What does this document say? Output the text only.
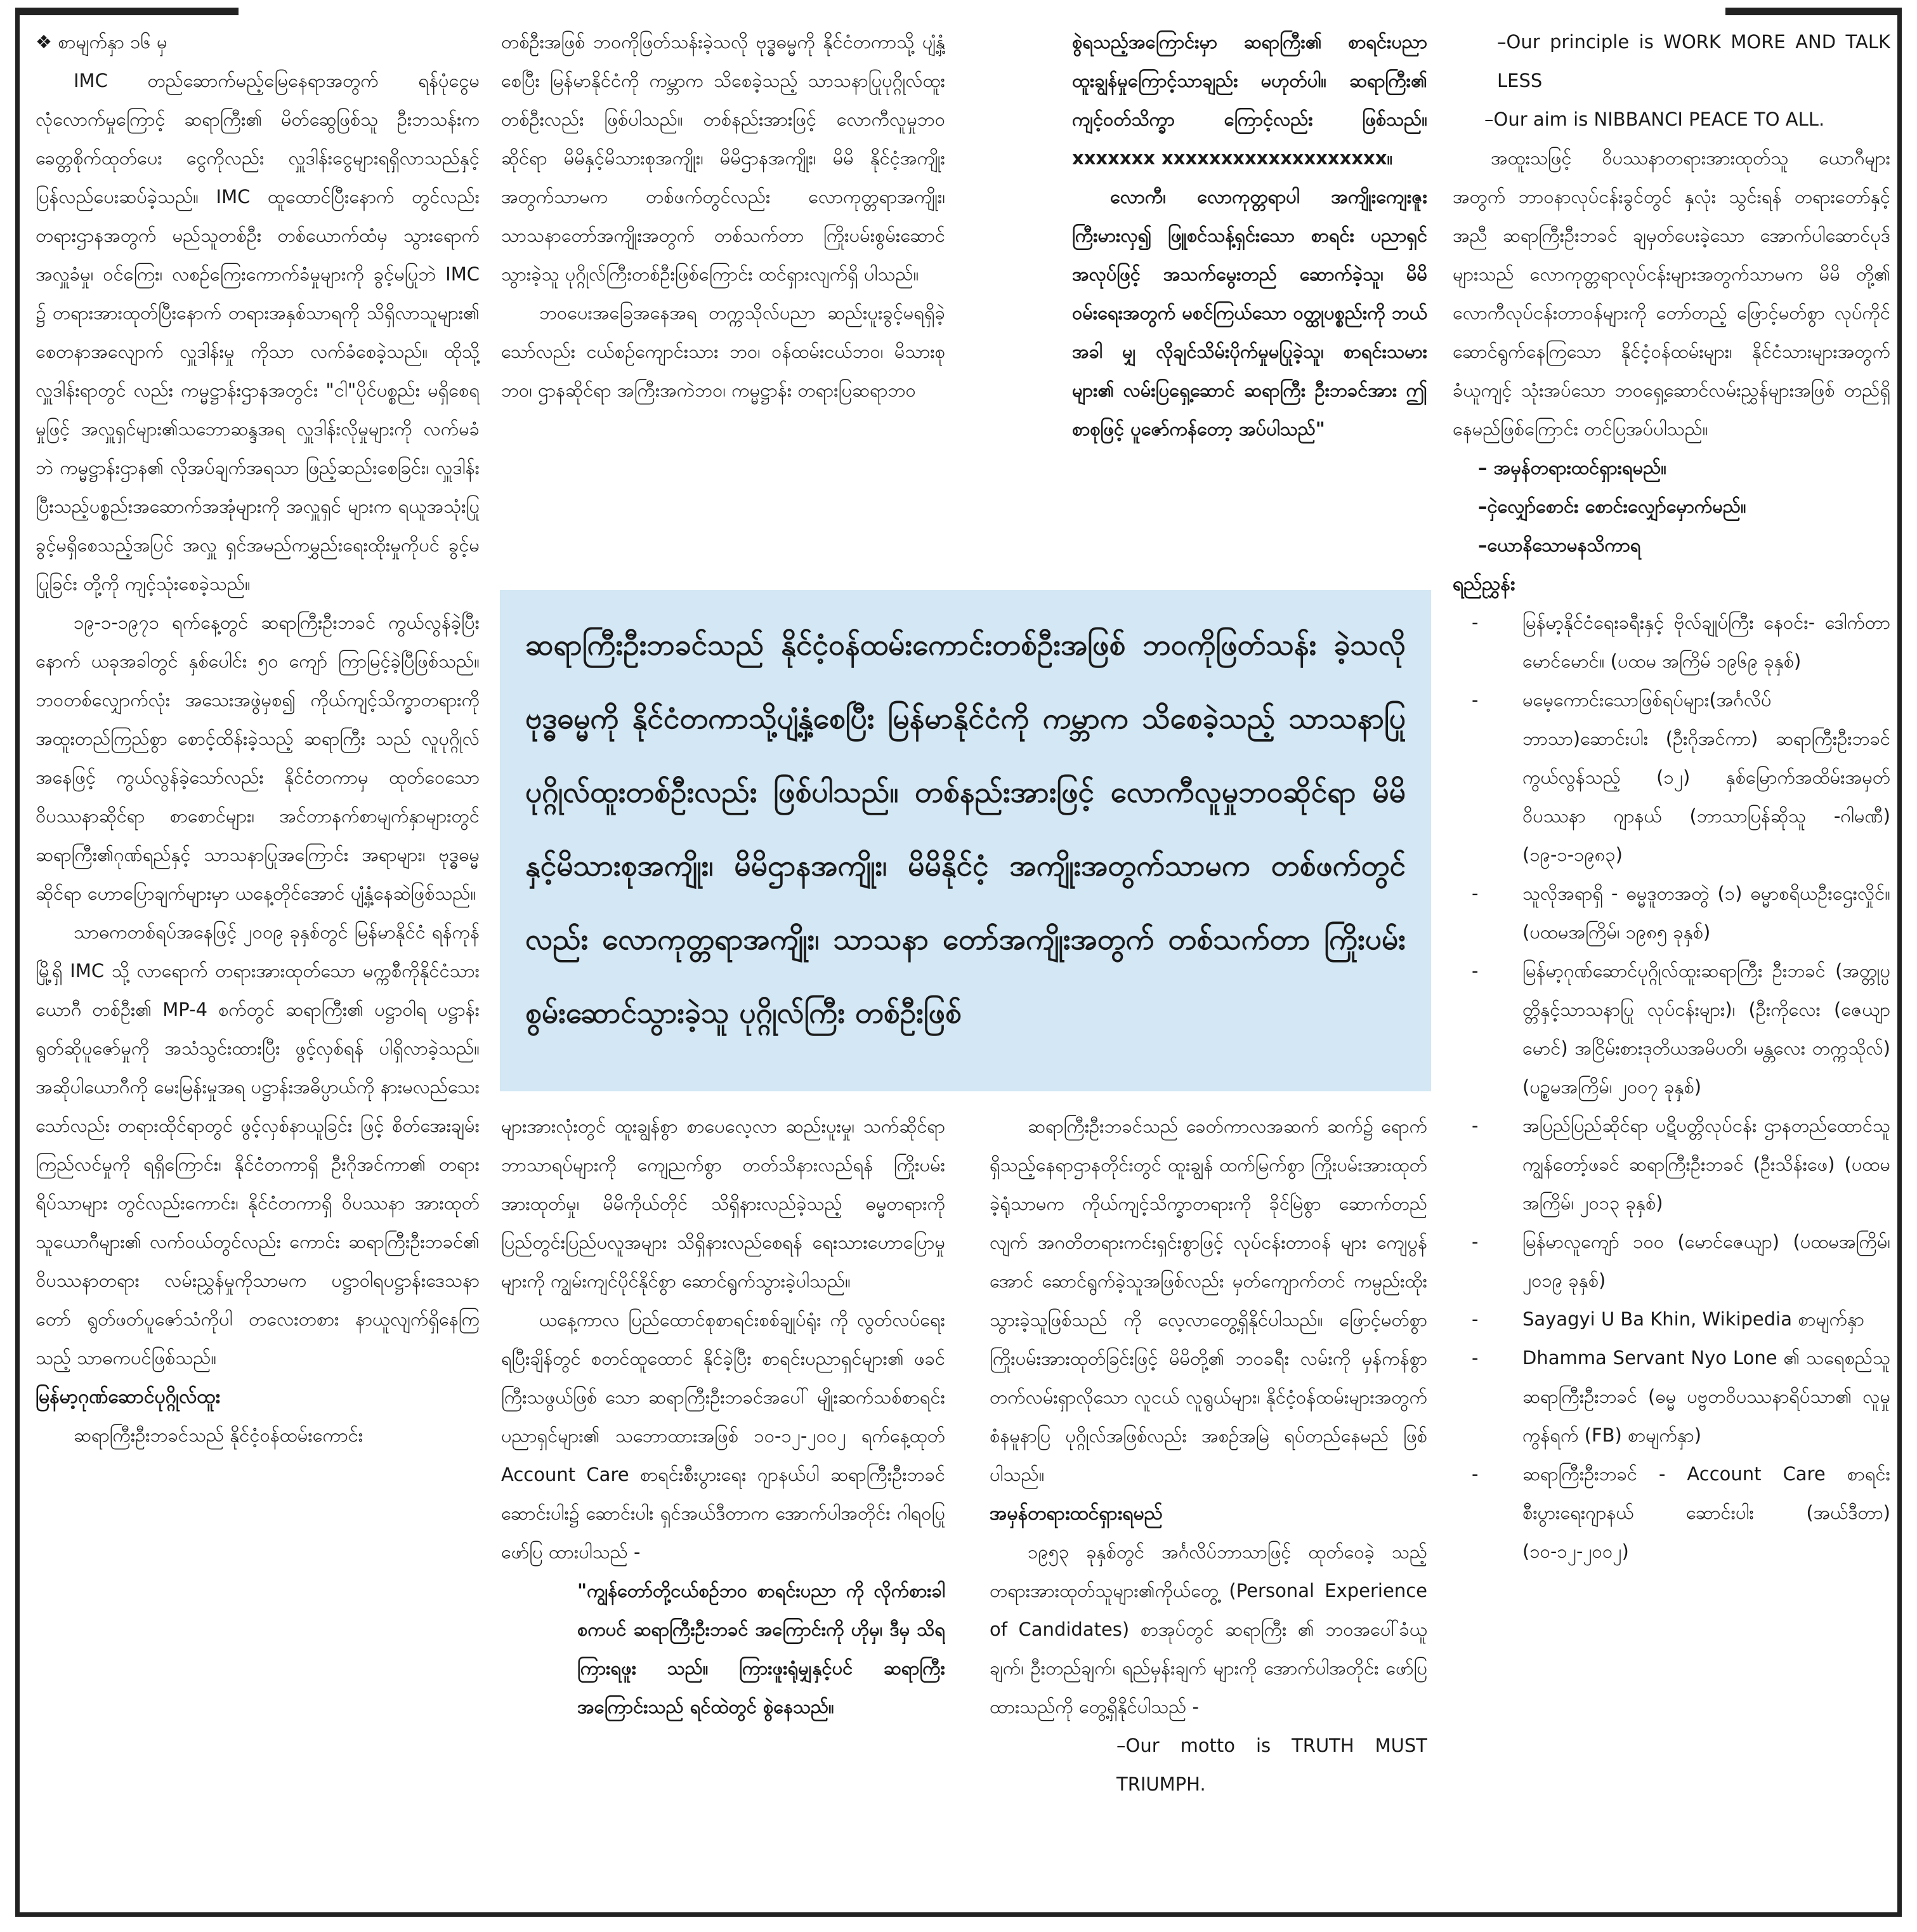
❖ စာမျက်နှာ ၁၆ မှ

IMC တည်ဆောက်မည့်မြေနေရာအတွက် ရန်ပုံငွေမလုံလောက်မှုကြောင့် ဆရာကြီး၏ မိတ်ဆွေဖြစ်သူ ဦးဘသန်းက ခေတ္တစိုက်ထုတ်ပေး ငွေကိုလည်း လှူဒါန်းငွေများရရှိလာသည်နှင့် ပြန်လည်ပေးဆပ်ခဲ့သည်။ IMC ထူထောင်ပြီးနောက် တွင်လည်း တရားဌာနအတွက် မည်သူတစ်ဦး တစ်ယောက်ထံမှ သွားရောက်အလှူခံမှု၊ ဝင်ကြေး၊ လစဉ်ကြေးကောက်ခံမှုများကို ခွင့်မပြုဘဲ IMC ၌ တရားအားထုတ်ပြီးနောက် တရားအနှစ်သာရကို သိရှိလာသူများ၏ စေတနာအလျောက် လှူဒါန်းမှု ကိုသာ လက်ခံစေခဲ့သည်။ ထိုသို့လှူဒါန်းရာတွင် လည်း ကမ္မဋ္ဌာန်းဌာနအတွင်း "ငါ"ပိုင်ပစ္စည်း မရှိစေရမှုဖြင့် အလှူရှင်များ၏သဘောဆန္ဒအရ လှူဒါန်းလိုမှုများကို လက်မခံဘဲ ကမ္မဋ္ဌာန်းဌာန၏ လိုအပ်ချက်အရသာ ဖြည့်ဆည်းစေခြင်း၊ လှူဒါန်း ပြီးသည့်ပစ္စည်းအဆောက်အအုံများကို အလှူရှင် များက ရယူအသုံးပြုခွင့်မရှိစေသည့်အပြင် အလှူ ရှင်အမည်ကမွှည်းရေးထိုးမှုကိုပင် ခွင့်မပြုခြင်း တို့ကို ကျင့်သုံးစေခဲ့သည်။

၁၉-၁-၁၉၇၁ ရက်နေ့တွင် ဆရာကြီးဦးဘခင် ကွယ်လွန်ခဲ့ပြီးနောက် ယခုအခါတွင် နှစ်ပေါင်း ၅၀ ကျော် ကြာမြင့်ခဲ့ပြီဖြစ်သည်။ ဘဝတစ်လျှောက်လုံး အသေးအဖွဲမှစ၍ ကိုယ်ကျင့်သိက္ခာတရားကို အထူးတည်ကြည်စွာ စောင့်ထိန်းခဲ့သည့် ဆရာကြီး သည် လူပုဂ္ဂိုလ်အနေဖြင့် ကွယ်လွန်ခဲ့သော်လည်း နိုင်ငံတကာမှ ထုတ်ဝေသော ဝိပဿနာဆိုင်ရာ စာစောင်များ၊ အင်တာနက်စာမျက်နှာများတွင် ဆရာကြီး၏ဂုဏ်ရည်နှင့် သာသနာပြုအကြောင်း အရာများ၊ ဗုဒ္ဓဓမ္မဆိုင်ရာ ဟောပြောချက်များမှာ ယနေ့တိုင်အောင် ပျံ့နှံ့နေဆဲဖြစ်သည်။

သာဓကတစ်ရပ်အနေဖြင့် ၂၀၀၉ ခုနှစ်တွင် မြန်မာနိုင်ငံ ရန်ကုန်မြို့ရှိ IMC သို့ လာရောက် တရားအားထုတ်သော မက္ကစီကိုနိုင်ငံသားယောဂီ တစ်ဦး၏ MP-4 စက်တွင် ဆရာကြီး၏ ပဋ္ဌာဝါရ ပဋ္ဌာန်းရွတ်ဆိုပူဇော်မှုကို အသံသွင်းထားပြီး ဖွင့်လှစ်ရန် ပါရှိလာခဲ့သည်။ အဆိုပါယောဂီကို မေးမြန်းမှုအရ ပဋ္ဌာန်းအဓိပ္ပာယ်ကို နားမလည်သေး သော်လည်း တရားထိုင်ရာတွင် ဖွင့်လှစ်နာယူခြင်း ဖြင့် စိတ်အေးချမ်းကြည်လင်မှုကို ရရှိကြောင်း၊ နိုင်ငံတကာရှိ ဦးဂိုအင်ကာ၏ တရားရိပ်သာများ တွင်လည်းကောင်း၊ နိုင်ငံတကာရှိ ဝိပဿနာ အားထုတ်သူယောဂီများ၏ လက်ဝယ်တွင်လည်း ကောင်း ဆရာကြီးဦးဘခင်၏ ဝိပဿနာတရား လမ်းညွှန်မှုကိုသာမက ပဋ္ဌာဝါရပဋ္ဌာန်းဒေသနာ တော် ရွတ်ဖတ်ပူဇော်သံကိုပါ တလေးတစား နာယူလျက်ရှိနေကြသည့် သာဓကပင်ဖြစ်သည်။

မြန်မာ့ဂုဏ်ဆောင်ပုဂ္ဂိုလ်ထူး

ဆရာကြီးဦးဘခင်သည် နိုင်ငံ့ဝန်ထမ်းကောင်း

တစ်ဦးအဖြစ် ဘဝကိုဖြတ်သန်းခဲ့သလို ဗုဒ္ဓဓမ္မကို နိုင်ငံတကာသို့ ပျံ့နှံ့စေပြီး မြန်မာနိုင်ငံကို ကမ္ဘာက သိစေခဲ့သည့် သာသနာပြုပုဂ္ဂိုလ်ထူးတစ်ဦးလည်း ဖြစ်ပါသည်။ တစ်နည်းအားဖြင့် လောကီလူမှုဘဝ ဆိုင်ရာ မိမိနှင့်မိသားစုအကျိုး၊ မိမိဌာနအကျိုး၊ မိမိ နိုင်ငံ့အကျိုးအတွက်သာမက တစ်ဖက်တွင်လည်း လောကုတ္တရာအကျိုး၊ သာသနာတော်အကျိုးအတွက် တစ်သက်တာ ကြိုးပမ်းစွမ်းဆောင် သွားခဲ့သူ ပုဂ္ဂိုလ်ကြီးတစ်ဦးဖြစ်ကြောင်း ထင်ရှားလျက်ရှိ ပါသည်။

ဘဝပေးအခြေအနေအရ တက္ကသိုလ်ပညာ ဆည်းပူးခွင့်မရရှိခဲ့သော်လည်း ငယ်စဉ်ကျောင်းသား ဘဝ၊ ဝန်ထမ်းငယ်ဘဝ၊ မိသားစုဘဝ၊ ဌာနဆိုင်ရာ အကြီးအကဲဘဝ၊ ကမ္မဋ္ဌာန်း တရားပြဆရာဘဝ

စွဲရသည့်အကြောင်းမှာ ဆရာကြီး၏ စာရင်းပညာ ထူးချွန်မှုကြောင့်သာချည်း မဟုတ်ပါ။ ဆရာကြီး၏ ကျင့်ဝတ်သိက္ခာ ကြောင့်လည်း ဖြစ်သည်။ xxxxxxx xxxxxxxxxxxxxxxxxxx။

လောကီ၊ လောကုတ္တရာပါ အကျိုးကျေးဇူး ကြီးမားလှ၍ ဖြူစင်သန့်ရှင်းသော စာရင်း ပညာရှင်အလုပ်ဖြင့် အသက်မွေးတည် ဆောက်ခဲ့သူ၊ မိမိဝမ်းရေးအတွက် မစင်ကြယ်သော ဝတ္ထုပစ္စည်းကို ဘယ်အခါ မျှ လိုချင်သိမ်းပိုက်မှုမပြုခဲ့သူ၊ စာရင်းသမား များ၏ လမ်းပြရှေ့ဆောင် ဆရာကြီး ဦးဘခင်အား ဤစာစုဖြင့် ပူဇော်ကန်တော့ အပ်ပါသည်"

ဆရာကြီးဦးဘခင်သည် နိုင်ငံ့ဝန်ထမ်းကောင်းတစ်ဦးအဖြစ် ဘဝကိုဖြတ်သန်း ခဲ့သလို ဗုဒ္ဓဓမ္မကို နိုင်ငံတကာသို့ပျံ့နှံ့စေပြီး မြန်မာနိုင်ငံကို ကမ္ဘာက သိစေခဲ့သည့် သာသနာပြုပုဂ္ဂိုလ်ထူးတစ်ဦးလည်း ဖြစ်ပါသည်။ တစ်နည်းအားဖြင့် လောကီလူမှုဘဝဆိုင်ရာ မိမိနှင့်မိသားစုအကျိုး၊ မိမိဌာနအကျိုး၊ မိမိနိုင်ငံ့ အကျိုးအတွက်သာမက တစ်ဖက်တွင်လည်း လောကုတ္တရာအကျိုး၊ သာသနာ တော်အကျိုးအတွက် တစ်သက်တာ ကြိုးပမ်းစွမ်းဆောင်သွားခဲ့သူ ပုဂ္ဂိုလ်ကြီး တစ်ဦးဖြစ်

များအားလုံးတွင် ထူးချွန်စွာ စာပေလေ့လာ ဆည်းပူးမှု၊ သက်ဆိုင်ရာဘာသာရပ်များကို ကျေညက်စွာ တတ်သိနားလည်ရန် ကြိုးပမ်းအားထုတ်မှု၊ မိမိကိုယ်တိုင် သိရှိနားလည်ခဲ့သည့် ဓမ္မတရားကို ပြည်တွင်းပြည်ပလူအများ သိရှိနားလည်စေရန် ရေးသားဟောပြောမှုများကို ကျွမ်းကျင်ပိုင်နိုင်စွာ ဆောင်ရွက်သွားခဲ့ပါသည်။

ယနေ့ကာလ ပြည်ထောင်စုစာရင်းစစ်ချုပ်ရုံး ကို လွတ်လပ်ရေးရပြီးချိန်တွင် စတင်ထူထောင် နိုင်ခဲ့ပြီး စာရင်းပညာရှင်များ၏ ဖခင်ကြီးသဖွယ်ဖြစ် သော ဆရာကြီးဦးဘခင်အပေါ် မျိုးဆက်သစ်စာရင်း ပညာရှင်များ၏ သဘောထားအဖြစ် ၁၀-၁၂-၂၀၀၂ ရက်နေ့ထုတ် Account Care စာရင်းစီးပွားရေး ဂျာနယ်ပါ ဆရာကြီးဦးဘခင်ဆောင်းပါး၌ ဆောင်းပါး ရှင်အယ်ဒီတာက အောက်ပါအတိုင်း ဂါရဝပြုဖော်ပြ ထားပါသည် -

"ကျွန်တော်တို့ငယ်စဉ်ဘဝ စာရင်းပညာ ကို လိုက်စားခါစကပင် ဆရာကြီးဦးဘခင် အကြောင်းကို ဟိုမှ၊ ဒီမှ သိရကြားရဖူး သည်။ ကြားဖူးရုံမျှနှင့်ပင် ဆရာကြီး အကြောင်းသည် ရင်ထဲတွင် စွဲနေသည်။

ဆရာကြီးဦးဘခင်သည် ခေတ်ကာလအဆက် ဆက်၌ ရောက်ရှိသည့်နေရာဌာနတိုင်းတွင် ထူးချွန် ထက်မြက်စွာ ကြိုးပမ်းအားထုတ်ခဲ့ရုံသာမက ကိုယ်ကျင့်သိက္ခာတရားကို ခိုင်မြဲစွာ ဆောက်တည် လျက် အဂတိတရားကင်းရှင်းစွာဖြင့် လုပ်ငန်းတာဝန် များ ကျေပွန်အောင် ဆောင်ရွက်ခဲ့သူအဖြစ်လည်း မှတ်ကျောက်တင် ကမ္ပည်းထိုးသွားခဲ့သူဖြစ်သည် ကို လေ့လာတွေ့ရှိနိုင်ပါသည်။ ဖြောင့်မတ်စွာ ကြိုးပမ်းအားထုတ်ခြင်းဖြင့် မိမိတို့၏ ဘဝခရီး လမ်းကို မှန်ကန်စွာ တက်လမ်းရှာလိုသော လူငယ် လူရွယ်များ၊ နိုင်ငံ့ဝန်ထမ်းများအတွက် စံနမူနာပြ ပုဂ္ဂိုလ်အဖြစ်လည်း အစဉ်အမြဲ ရပ်တည်နေမည် ဖြစ်ပါသည်။

အမှန်တရားထင်ရှားရမည်

၁၉၅၃ ခုနှစ်တွင် အင်္ဂလိပ်ဘာသာဖြင့် ထုတ်ဝေခဲ့ သည့် တရားအားထုတ်သူများ၏ကိုယ်တွေ့ (Personal Experience of Candidates) စာအုပ်တွင် ဆရာကြီး ၏ ဘဝအပေါ်ခံယူချက်၊ ဦးတည်ချက်၊ ရည်မှန်းချက် များကို အောက်ပါအတိုင်း ဖော်ပြထားသည်ကို တွေ့ရှိနိုင်ပါသည် -

–Our motto is TRUTH MUST TRIUMPH.

–Our principle is WORK MORE AND TALK LESS

–Our aim is NIBBANCI PEACE TO ALL.

အထူးသဖြင့် ဝိပဿနာတရားအားထုတ်သူ ယောဂီများအတွက် ဘာဝနာလုပ်ငန်းခွင်တွင် နှလုံး သွင်းရန် တရားတော်နှင့်အညီ ဆရာကြီးဦးဘခင် ချမှတ်ပေးခဲ့သော အောက်ပါဆောင်ပုဒ်များသည် လောကုတ္တရာလုပ်ငန်းများအတွက်သာမက မိမိ တို့၏ လောကီလုပ်ငန်းတာဝန်များကို တော်တည့် ဖြောင့်မတ်စွာ လုပ်ကိုင်ဆောင်ရွက်နေကြသော နိုင်ငံ့ဝန်ထမ်းများ၊ နိုင်ငံသားများအတွက် ခံယူကျင့် သုံးအပ်သော ဘဝရှေ့ဆောင်လမ်းညွှန်များအဖြစ် တည်ရှိနေမည်ဖြစ်ကြောင်း တင်ပြအပ်ပါသည်။

– အမှန်တရားထင်ရှားရမည်။

–ငှဲလျှော်စောင်း စောင်းလျှော်မှောက်မည်။

–ယောနိသောမနသိကာရ

ရည်ညွှန်း
- မြန်မာ့နိုင်ငံရေးခရီးနှင့် ဗိုလ်ချုပ်ကြီး နေဝင်း- ဒေါက်တာမောင်မောင်။ (ပထမ အကြိမ် ၁၉၆၉ ခုနှစ်)
- မမေ့ကောင်းသောဖြစ်ရပ်များ(အင်္ဂလိပ် ဘာသာ)ဆောင်းပါး (ဦးဂိုအင်ကာ) ဆရာကြီးဦးဘခင် ကွယ်လွန်သည့် (၁၂) နှစ်မြောက်အထိမ်းအမှတ် ဝိပဿနာ ဂျာနယ် (ဘာသာပြန်ဆိုသူ -ဂါမဏီ) (၁၉-၁-၁၉၈၃)
- သူလိုအရာရှိ - ဓမ္မဒူတအတွဲ (၁) ဓမ္မာစရိယဦးဌေးလှိုင်။ (ပထမအကြိမ်၊ ၁၉၈၅ ခုနှစ်)
- မြန်မာ့ဂုဏ်ဆောင်ပုဂ္ဂိုလ်ထူးဆရာကြီး ဦးဘခင် (အတ္တုပ္ပတ္တိနှင့်သာသနာပြု လုပ်ငန်းများ)၊ (ဦးကိုလေး (ဇေယျာမောင်) အငြိမ်းစားဒုတိယအမိပတိ၊ မန္တလေး တက္ကသိုလ်) (ပဉ္စမအကြိမ်၊ ၂၀၀၇ ခုနှစ်)
- အပြည်ပြည်ဆိုင်ရာ ပဋိပတ္တိလုပ်ငန်း ဌာနတည်ထောင်သူ ကျွန်တော့်ဖခင် ဆရာကြီးဦးဘခင် (ဦးသိန်းဖေ) (ပထမ အကြိမ်၊ ၂၀၁၃ ခုနှစ်)
- မြန်မာလူကျော် ၁၀၀ (မောင်ဇေယျာ) (ပထမအကြိမ်၊ ၂၀၁၉ ခုနှစ်)
- Sayagyi U Ba Khin, Wikipedia စာမျက်နှာ
- Dhamma Servant Nyo Lone ၏ သရေစည်သူ ဆရာကြီးဦးဘခင် (ဓမ္မ ပဗ္ဗတဝိပဿနာရိပ်သာ၏ လူမှုကွန်ရက် (FB) စာမျက်နှာ)
- ဆရာကြီးဦးဘခင် - Account Care စာရင်းစီးပွားရေးဂျာနယ် ဆောင်းပါး (အယ်ဒီတာ) (၁၀-၁၂-၂၀၀၂)
